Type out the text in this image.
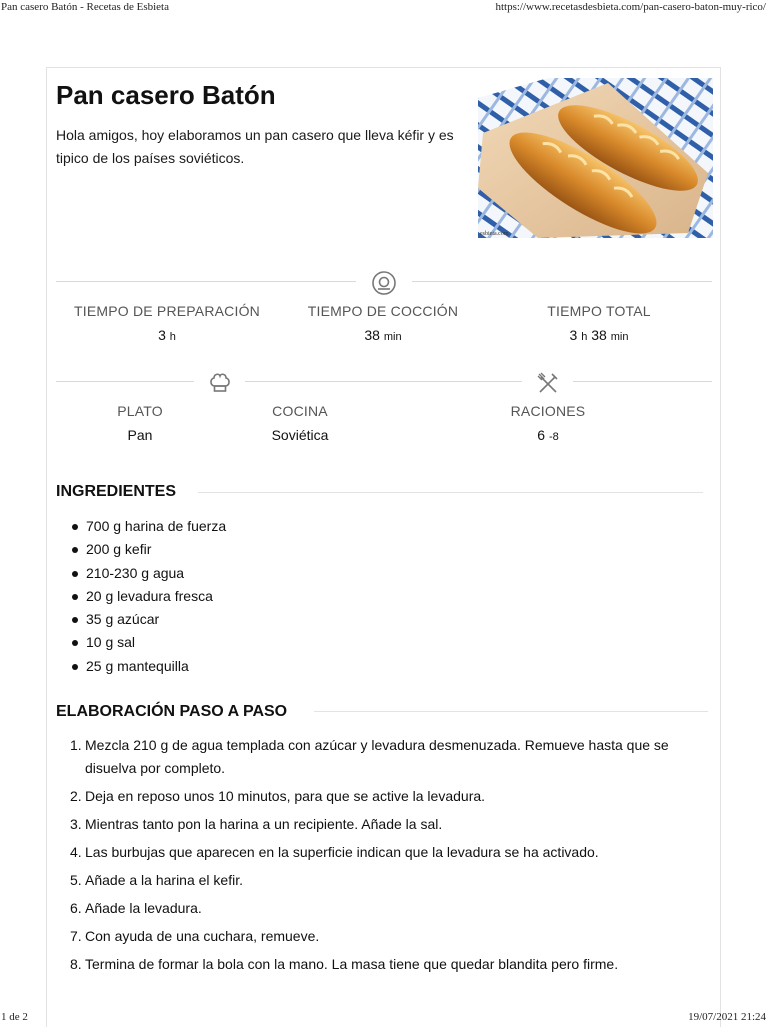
Pan casero Batón - Recetas de Esbieta	https://www.recetasdesbieta.com/pan-casero-baton-muy-rico/
Pan casero Batón

Hola amigos, hoy elaboramos un pan casero que lleva kéfir y es tipico de los países soviéticos.

esbieta.com
TIEMPO DE PREPARACIÓN
3 h
TIEMPO DE COCCIÓN
38 min
TIEMPO TOTAL
3 h 38 min
PLATO
Pan
COCINA
Soviética
RACIONES
6 -8
INGREDIENTES
700 g harina de fuerza
200 g kefir
210-230 g agua
20 g levadura fresca
35 g azúcar
10 g sal
25 g mantequilla
ELABORACIÓN PASO A PASO
1. Mezcla 210 g de agua templada con azúcar y levadura desmenuzada. Remueve hasta que se disuelva por completo.
2. Deja en reposo unos 10 minutos, para que se active la levadura.
3. Mientras tanto pon la harina a un recipiente. Añade la sal.
4. Las burbujas que aparecen en la superficie indican que la levadura se ha activado.
5. Añade a la harina el kefir.
6. Añade la levadura.
7. Con ayuda de una cuchara, remueve.
8. Termina de formar la bola con la mano. La masa tiene que quedar blandita pero firme.
1 de 2	19/07/2021 21:24
